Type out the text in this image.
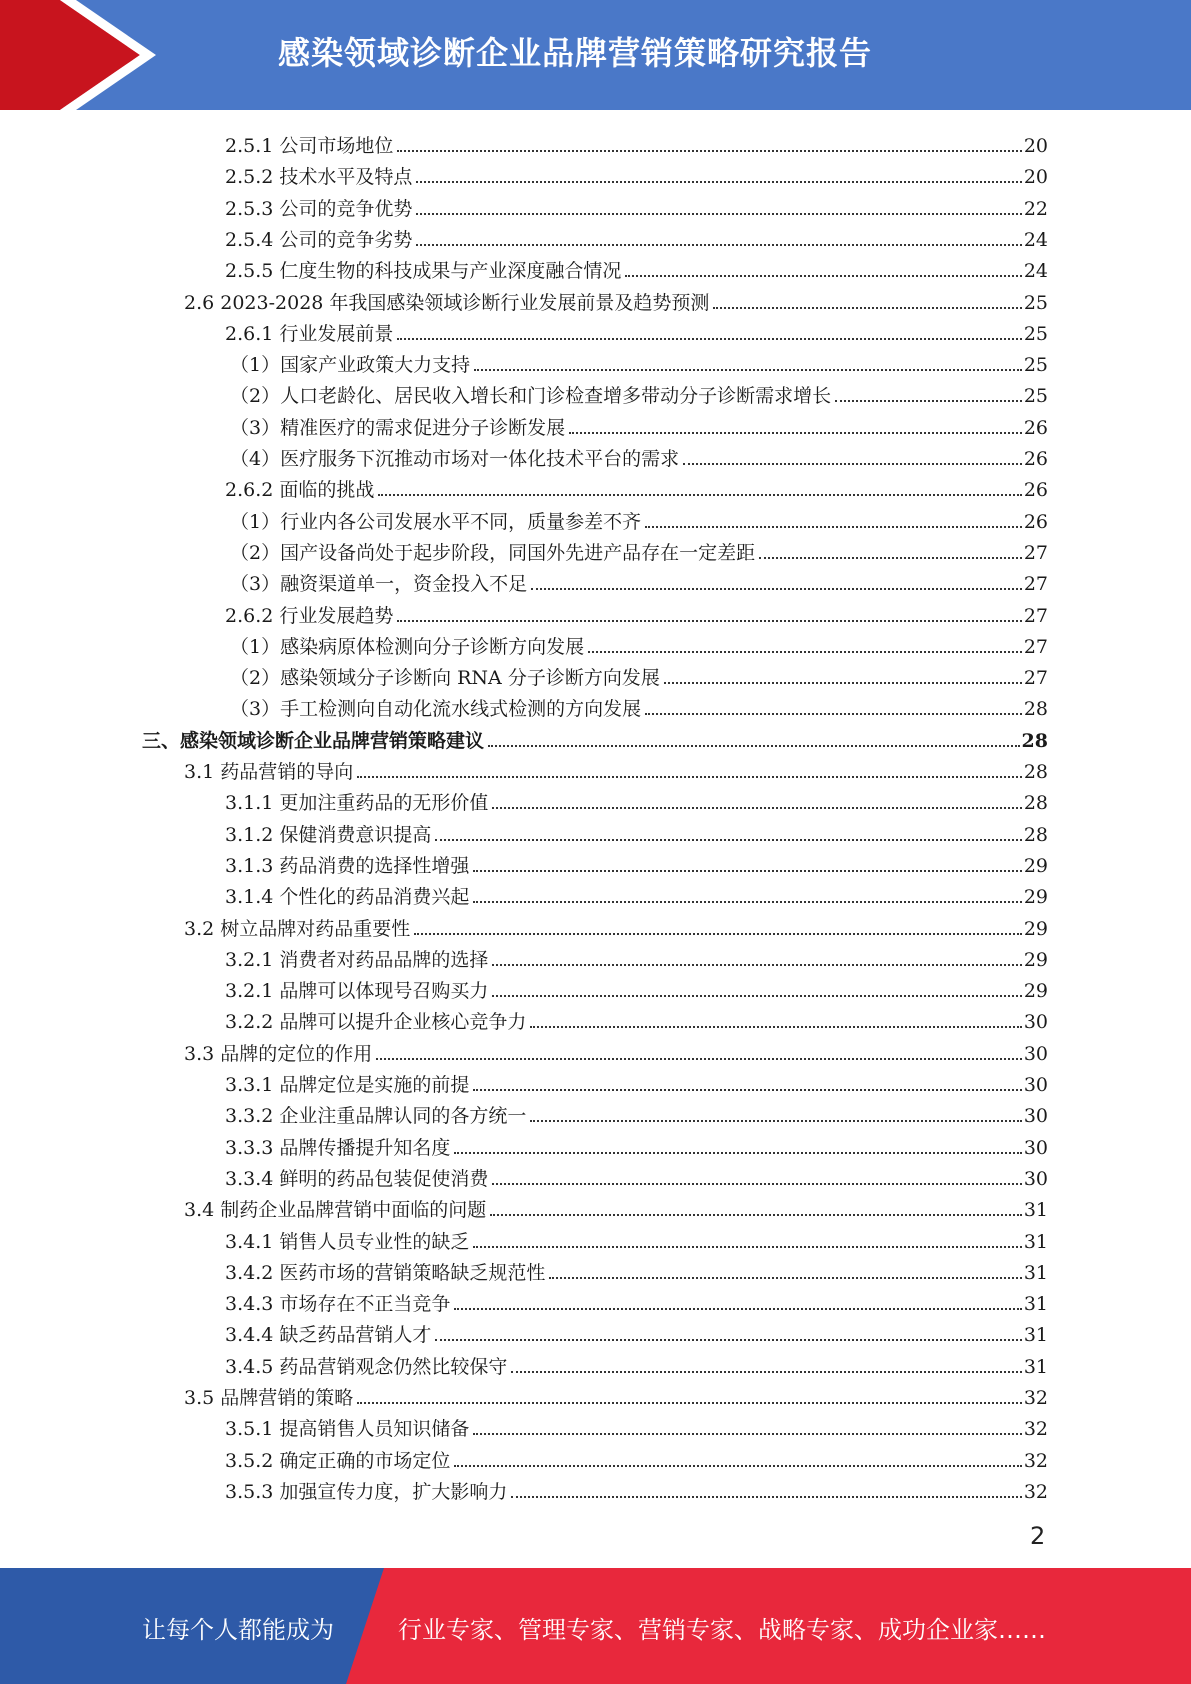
感染领域诊断企业品牌营销策略研究报告
2.5.1 公司市场地位	20
2.5.2 技术水平及特点	20
2.5.3 公司的竞争优势	22
2.5.4 公司的竞争劣势	24
2.5.5 仁度生物的科技成果与产业深度融合情况	24
2.6 2023-2028 年我国感染领域诊断行业发展前景及趋势预测	25
2.6.1 行业发展前景	25
（1）国家产业政策大力支持	25
（2）人口老龄化、居民收入增长和门诊检查增多带动分子诊断需求增长	25
（3）精准医疗的需求促进分子诊断发展	26
（4）医疗服务下沉推动市场对一体化技术平台的需求	26
2.6.2 面临的挑战	26
（1）行业内各公司发展水平不同，质量参差不齐	26
（2）国产设备尚处于起步阶段，同国外先进产品存在一定差距	27
（3）融资渠道单一，资金投入不足	27
2.6.2 行业发展趋势	27
（1）感染病原体检测向分子诊断方向发展	27
（2）感染领域分子诊断向 RNA 分子诊断方向发展	27
（3）手工检测向自动化流水线式检测的方向发展	28
三、感染领域诊断企业品牌营销策略建议	28
3.1 药品营销的导向	28
3.1.1 更加注重药品的无形价值	28
3.1.2 保健消费意识提高	28
3.1.3 药品消费的选择性增强	29
3.1.4 个性化的药品消费兴起	29
3.2 树立品牌对药品重要性	29
3.2.1 消费者对药品品牌的选择	29
3.2.1 品牌可以体现号召购买力	29
3.2.2 品牌可以提升企业核心竞争力	30
3.3 品牌的定位的作用	30
3.3.1 品牌定位是实施的前提	30
3.3.2 企业注重品牌认同的各方统一	30
3.3.3 品牌传播提升知名度	30
3.3.4 鲜明的药品包装促使消费	30
3.4 制药企业品牌营销中面临的问题	31
3.4.1 销售人员专业性的缺乏	31
3.4.2 医药市场的营销策略缺乏规范性	31
3.4.3 市场存在不正当竞争	31
3.4.4 缺乏药品营销人才	31
3.4.5 药品营销观念仍然比较保守	31
3.5 品牌营销的策略	32
3.5.1 提高销售人员知识储备	32
3.5.2 确定正确的市场定位	32
3.5.3 加强宣传力度，扩大影响力	32
2
让每个人都能成为	行业专家、管理专家、营销专家、战略专家、成功企业家……
